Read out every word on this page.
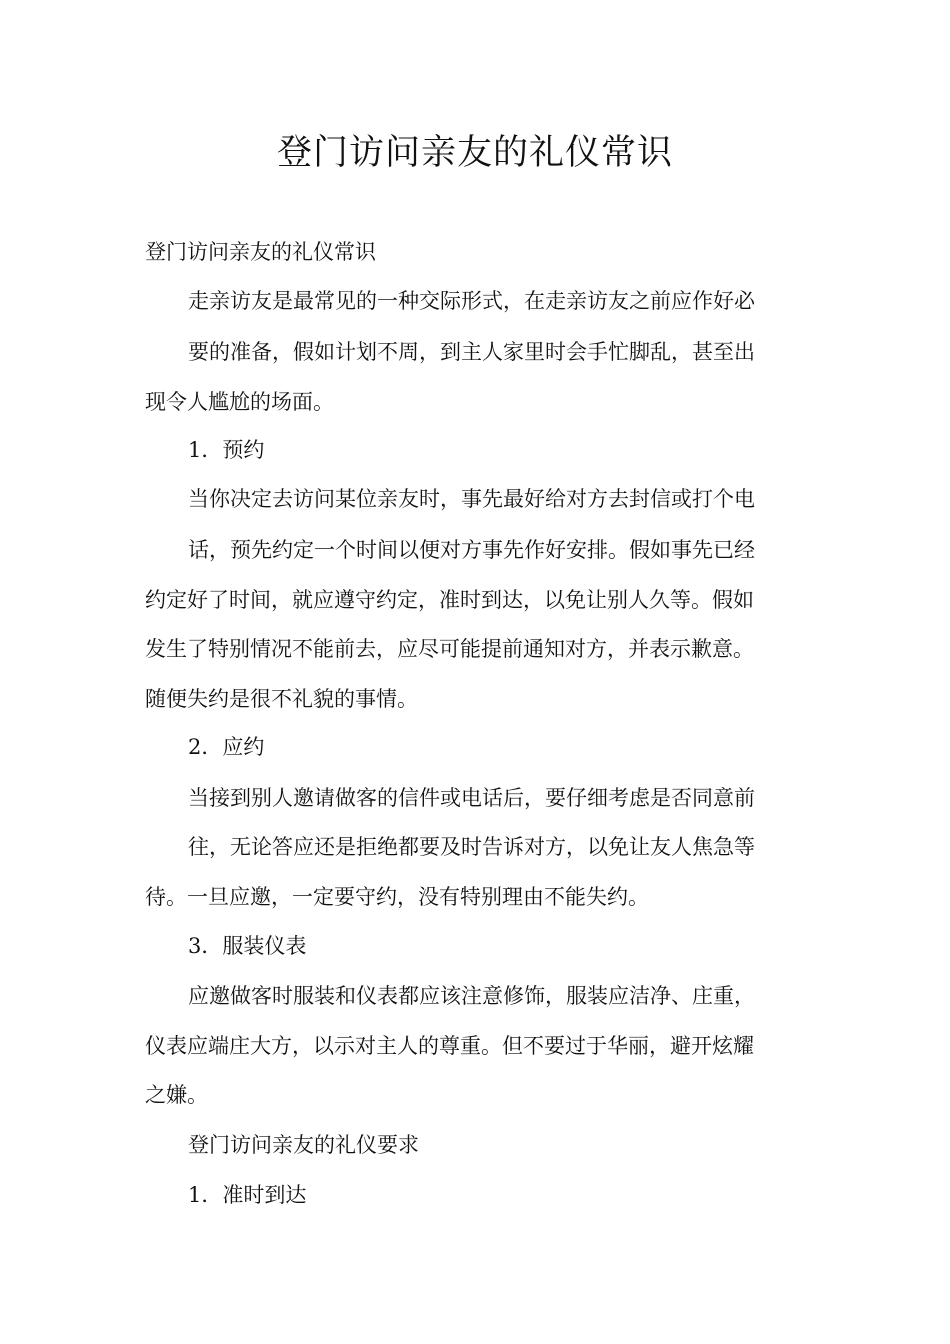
登门访问亲友的礼仪常识
登门访问亲友的礼仪常识
走亲访友是最常见的一种交际形式，在走亲访友之前应作好必
要的准备，假如计划不周，到主人家里时会手忙脚乱，甚至出
现令人尴尬的场面。
1．预约
当你决定去访问某位亲友时，事先最好给对方去封信或打个电
话，预先约定一个时间以便对方事先作好安排。假如事先已经
约定好了时间，就应遵守约定，准时到达，以免让别人久等。假如
发生了特别情况不能前去，应尽可能提前通知对方，并表示歉意。
随便失约是很不礼貌的事情。
2．应约
当接到别人邀请做客的信件或电话后，要仔细考虑是否同意前
往，无论答应还是拒绝都要及时告诉对方，以免让友人焦急等
待。一旦应邀，一定要守约，没有特别理由不能失约。
3．服装仪表
应邀做客时服装和仪表都应该注意修饰，服装应洁净、庄重，
仪表应端庄大方，以示对主人的尊重。但不要过于华丽，避开炫耀
之嫌。
登门访问亲友的礼仪要求
1．准时到达
